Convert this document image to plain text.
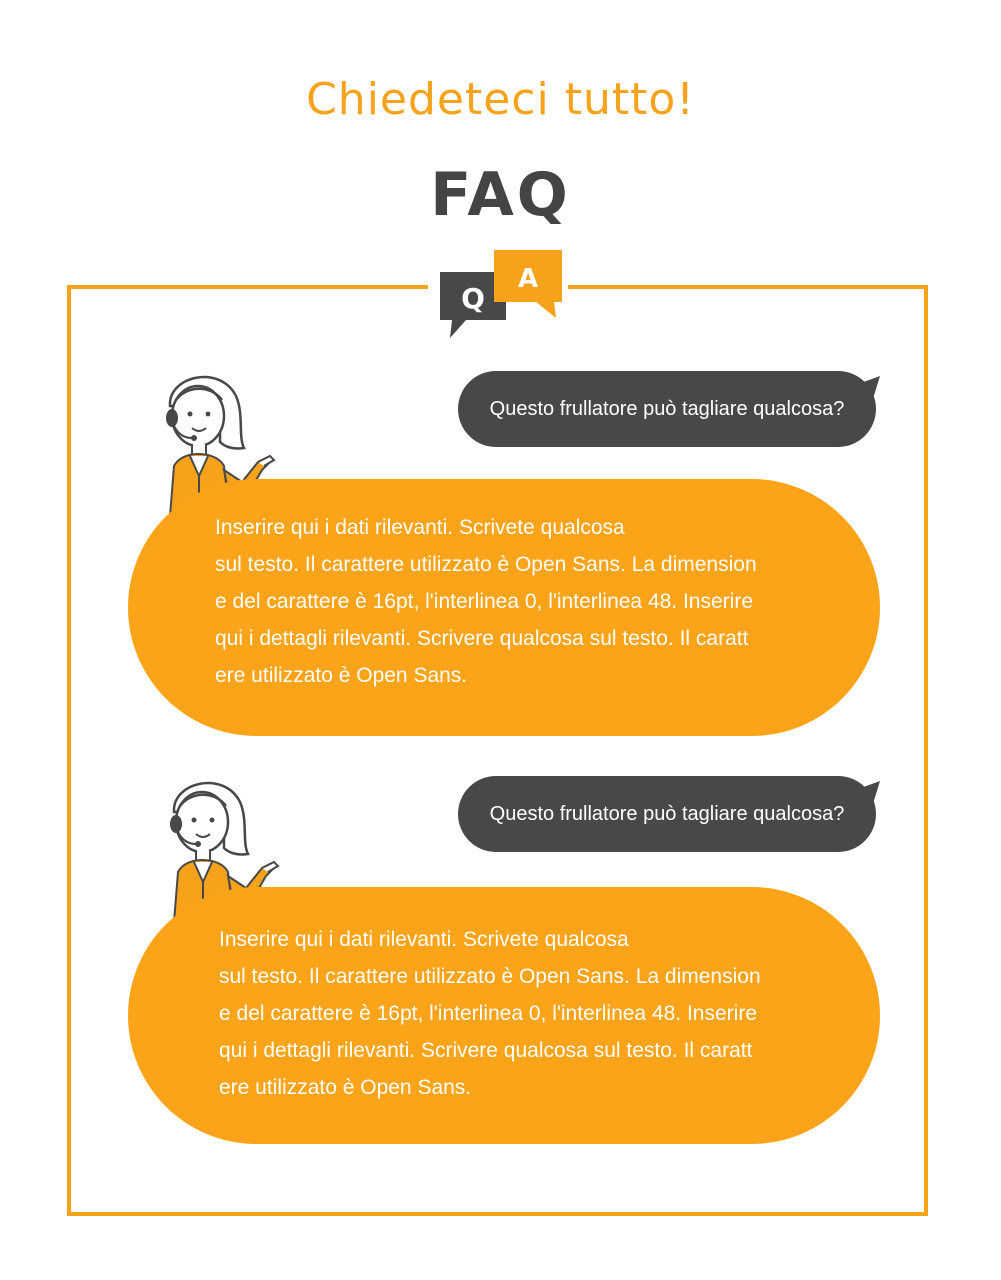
Chiedeteci tutto!
FAQ
Q
A
Questo frullatore può tagliare qualcosa?
Inserire qui i dati rilevanti. Scrivete qualcosa
sul testo. Il carattere utilizzato è Open Sans. La dimension
e del carattere è 16pt, l'interlinea 0, l'interlinea 48. Inserire
qui i dettagli rilevanti. Scrivere qualcosa sul testo. Il caratt
ere utilizzato è Open Sans.
Questo frullatore può tagliare qualcosa?
Inserire qui i dati rilevanti. Scrivete qualcosa
sul testo. Il carattere utilizzato è Open Sans. La dimension
e del carattere è 16pt, l'interlinea 0, l'interlinea 48. Inserire
qui i dettagli rilevanti. Scrivere qualcosa sul testo. Il caratt
ere utilizzato è Open Sans.
